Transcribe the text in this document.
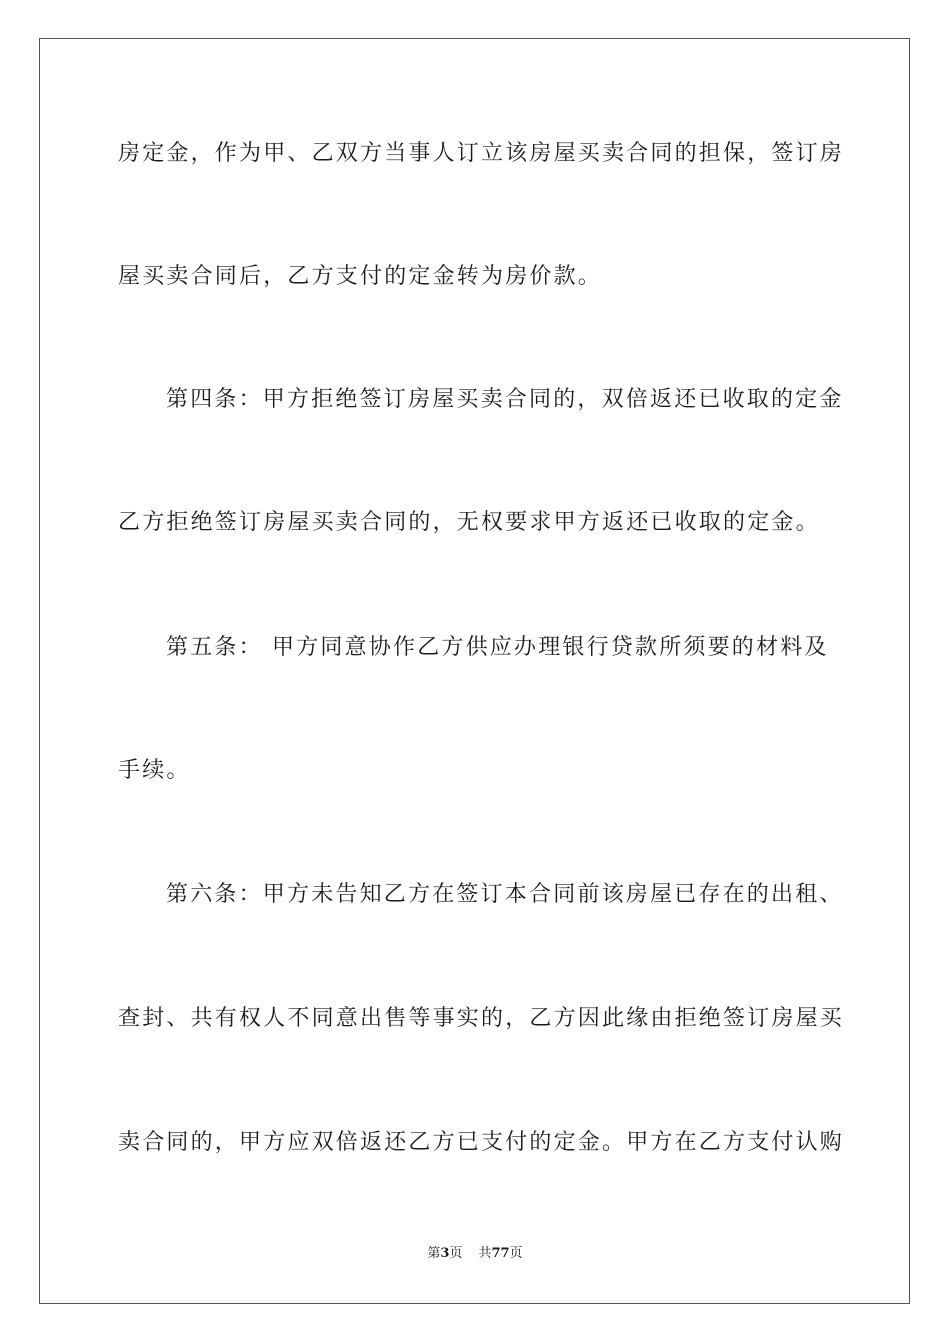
房定金，作为甲、乙双方当事人订立该房屋买卖合同的担保，签订房
屋买卖合同后，乙方支付的定金转为房价款。
第四条：甲方拒绝签订房屋买卖合同的，双倍返还已收取的定金
乙方拒绝签订房屋买卖合同的，无权要求甲方返还已收取的定金。
第五条： 甲方同意协作乙方供应办理银行贷款所须要的材料及
手续。
第六条：甲方未告知乙方在签订本合同前该房屋已存在的出租、
查封、共有权人不同意出售等事实的，乙方因此缘由拒绝签订房屋买
卖合同的，甲方应双倍返还乙方已支付的定金。甲方在乙方支付认购
第3页 共77页
